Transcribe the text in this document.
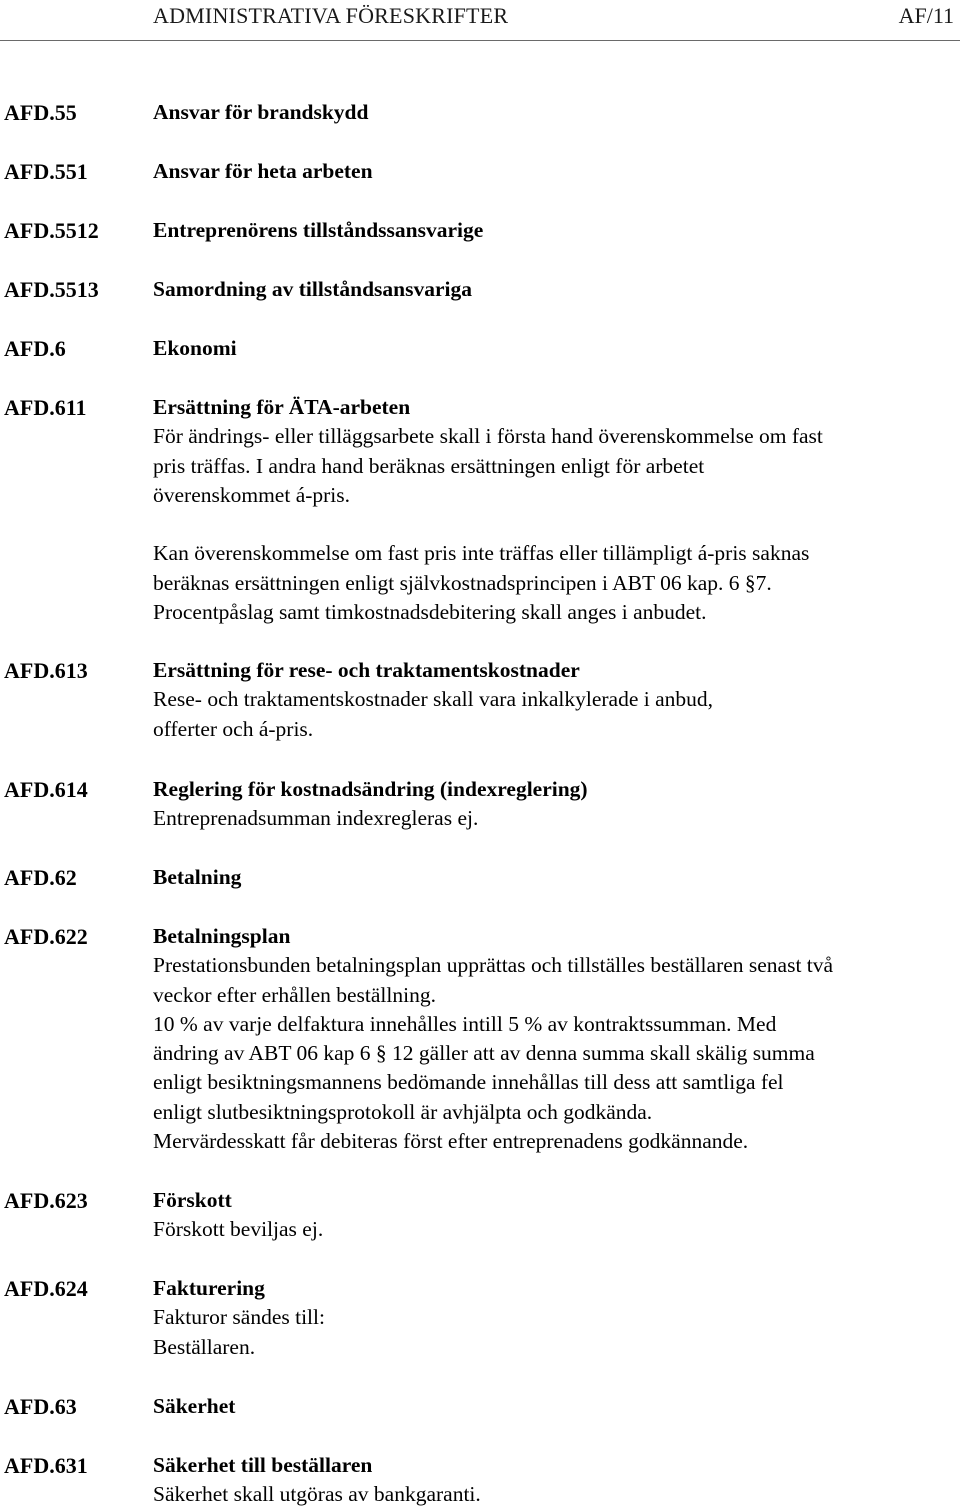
ADMINISTRATIVA FÖRESKRIFTER	AF/11
AFD.55	Ansvar för brandskydd
AFD.551	Ansvar för heta arbeten
AFD.5512	Entreprenörens tillståndssansvarige
AFD.5513	Samordning av tillståndsansvariga
AFD.6	Ekonomi
AFD.611	Ersättning för ÄTA-arbeten
För ändrings- eller tilläggsarbete skall i första hand överenskommelse om fast
pris träffas. I andra hand beräknas ersättningen enligt för arbetet
överenskommet á-pris.

Kan överenskommelse om fast pris inte träffas eller tillämpligt á-pris saknas
beräknas ersättningen enligt självkostnadsprincipen i ABT 06 kap. 6 §7.
Procentpåslag samt timkostnadsdebitering skall anges i anbudet.
AFD.613	Ersättning för rese- och traktamentskostnader
Rese- och traktamentskostnader skall vara inkalkylerade i anbud,
offerter och á-pris.
AFD.614	Reglering för kostnadsändring (indexreglering)
Entreprenadsumman indexregleras ej.
AFD.62	Betalning
AFD.622	Betalningsplan
Prestationsbunden betalningsplan upprättas och tillställes beställaren senast två
veckor efter erhållen beställning.
10 % av varje delfaktura innehålles intill 5 % av kontraktssumman. Med
ändring av ABT 06 kap 6 § 12 gäller att av denna summa skall skälig summa
enligt besiktningsmannens bedömande innehållas till dess att samtliga fel
enligt slutbesiktningsprotokoll är avhjälpta och godkända.
Mervärdesskatt får debiteras först efter entreprenadens godkännande.
AFD.623	Förskott
Förskott beviljas ej.
AFD.624	Fakturering
Fakturor sändes till:
Beställaren.
AFD.63	Säkerhet
AFD.631	Säkerhet till beställaren
Säkerhet skall utgöras av bankgaranti.
